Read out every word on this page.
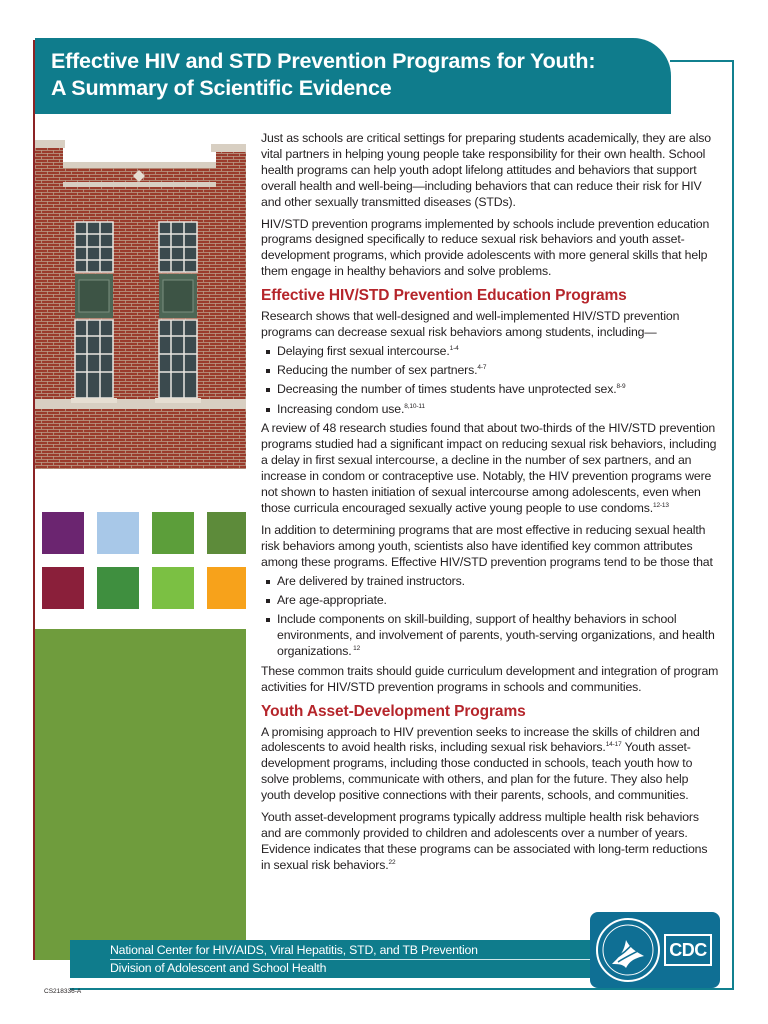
Effective HIV and STD Prevention Programs for Youth:
A Summary of Scientific Evidence

Just as schools are critical settings for preparing students academically, they are also vital partners in helping young people take responsibility for their own health. School health programs can help youth adopt lifelong attitudes and behaviors that support overall health and well-being—including behaviors that can reduce their risk for HIV and other sexually transmitted diseases (STDs).

HIV/STD prevention programs implemented by schools include prevention education programs designed specifically to reduce sexual risk behaviors and youth asset-development programs, which provide adolescents with more general skills that help them engage in healthy behaviors and solve problems.

Effective HIV/STD Prevention Education Programs

Research shows that well-designed and well-implemented HIV/STD prevention programs can decrease sexual risk behaviors among students, including—

Delaying first sexual intercourse.$^{1-4}$
Reducing the number of sex partners.$^{4-7}$
Decreasing the number of times students have unprotected sex.$^{8-9}$
Increasing condom use.$^{8,10-11}$

A review of 48 research studies found that about two-thirds of the HIV/STD prevention programs studied had a significant impact on reducing sexual risk behaviors, including a delay in first sexual intercourse, a decline in the number of sex partners, and an increase in condom or contraceptive use. Notably, the HIV prevention programs were not shown to hasten initiation of sexual intercourse among adolescents, even when those curricula encouraged sexually active young people to use condoms.$^{12-13}$

In addition to determining programs that are most effective in reducing sexual health risk behaviors among youth, scientists also have identified key common attributes among these programs. Effective HIV/STD prevention programs tend to be those that

Are delivered by trained instructors.
Are age-appropriate.
Include components on skill-building, support of healthy behaviors in school environments, and involvement of parents, youth-serving organizations, and health organizations. $^{12}$

These common traits should guide curriculum development and integration of program activities for HIV/STD prevention programs in schools and communities.

Youth Asset-Development Programs

A promising approach to HIV prevention seeks to increase the skills of children and adolescents to avoid health risks, including sexual risk behaviors.$^{14-17}$ Youth asset-development programs, including those conducted in schools, teach youth how to solve problems, communicate with others, and plan for the future. They also help youth develop positive connections with their parents, schools, and communities.

Youth asset-development programs typically address multiple health risk behaviors and are commonly provided to children and adolescents over a number of years. Evidence indicates that these programs can be associated with long-term reductions in sexual risk behaviors.$^{22}$

National Center for HIV/AIDS, Viral Hepatitis, STD, and TB Prevention
Division of Adolescent and School Health
CDC
CS218336-A
